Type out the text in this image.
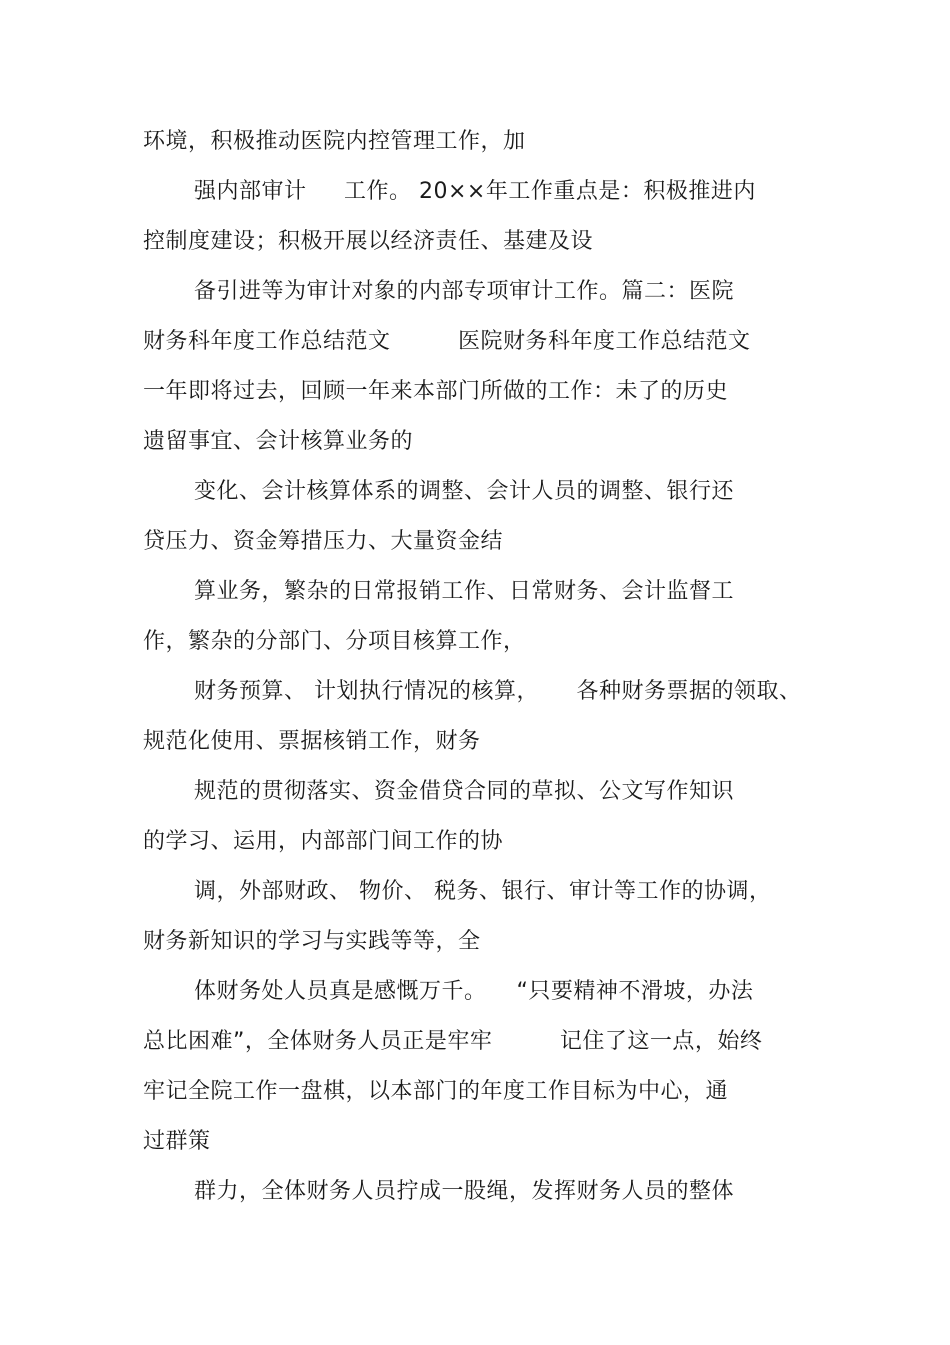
环境，积极推动医院内控管理工作，加
强内部审计     工作。 20××年工作重点是：积极推进内
控制度建设；积极开展以经济责任、基建及设
备引进等为审计对象的内部专项审计工作。篇二：医院
财务科年度工作总结范文         医院财务科年度工作总结范文
一年即将过去，回顾一年来本部门所做的工作：未了的历史
遗留事宜、会计核算业务的
变化、会计核算体系的调整、会计人员的调整、银行还
贷压力、资金筹措压力、大量资金结
算业务，繁杂的日常报销工作、日常财务、会计监督工
作，繁杂的分部门、分项目核算工作，
财务预算、 计划执行情况的核算，     各种财务票据的领取、
规范化使用、票据核销工作，财务
规范的贯彻落实、资金借贷合同的草拟、公文写作知识
的学习、运用，内部部门间工作的协
调，外部财政、 物价、 税务、银行、审计等工作的协调，
财务新知识的学习与实践等等，全
体财务处人员真是感慨万千。    “只要精神不滑坡，办法
总比困难”，全体财务人员正是牢牢         记住了这一点，始终
牢记全院工作一盘棋，以本部门的年度工作目标为中心，通
过群策
群力，全体财务人员拧成一股绳，发挥财务人员的整体
